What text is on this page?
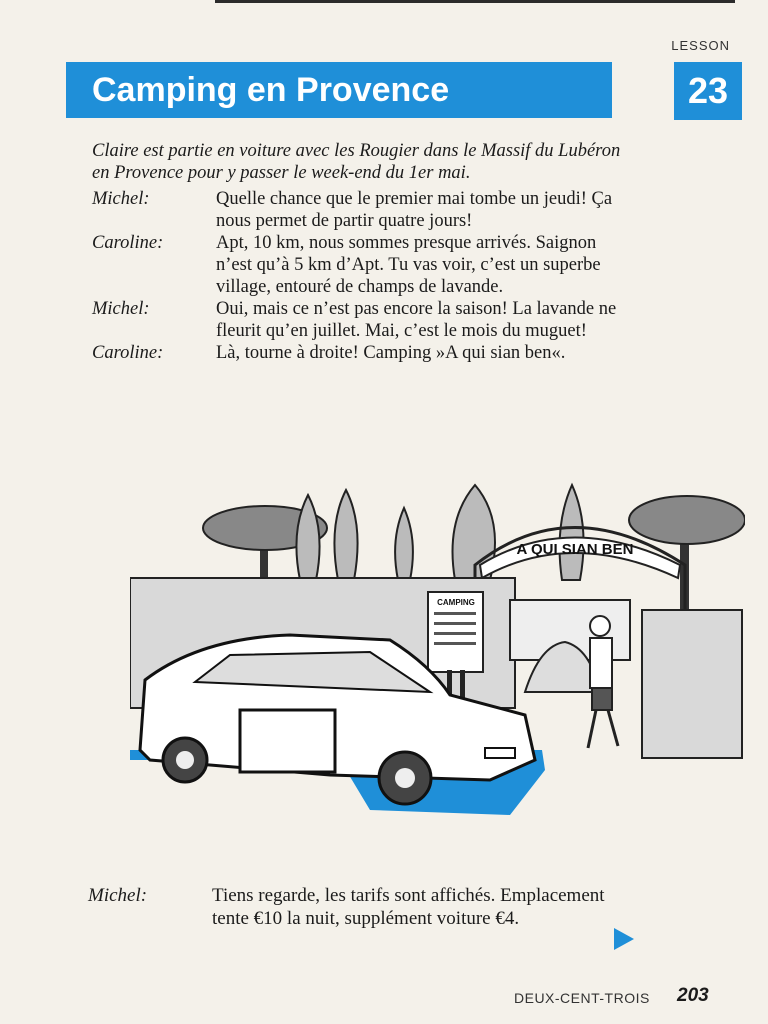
LESSON
23
Camping en Provence
Claire est partie en voiture avec les Rougier dans le Massif du Lubéron en Provence pour y passer le week-end du 1er mai.
Michel:	Quelle chance que le premier mai tombe un jeudi! Ça nous permet de partir quatre jours!
Caroline:	Apt, 10 km, nous sommes presque arrivés. Saignon n’est qu’à 5 km d’Apt. Tu vas voir, c’est un superbe village, entouré de champs de lavande.
Michel:	Oui, mais ce n’est pas encore la saison! La lavande ne fleurit qu’en juillet. Mai, c’est le mois du muguet!
Caroline:	Là, tourne à droite! Camping »A qui sian ben«.
A QUI SIAN BEN
CAMPING
Michel:	Tiens regarde, les tarifs sont affichés. Emplacement tente €10 la nuit, supplément voiture €4.
DEUX-CENT-TROIS 203
